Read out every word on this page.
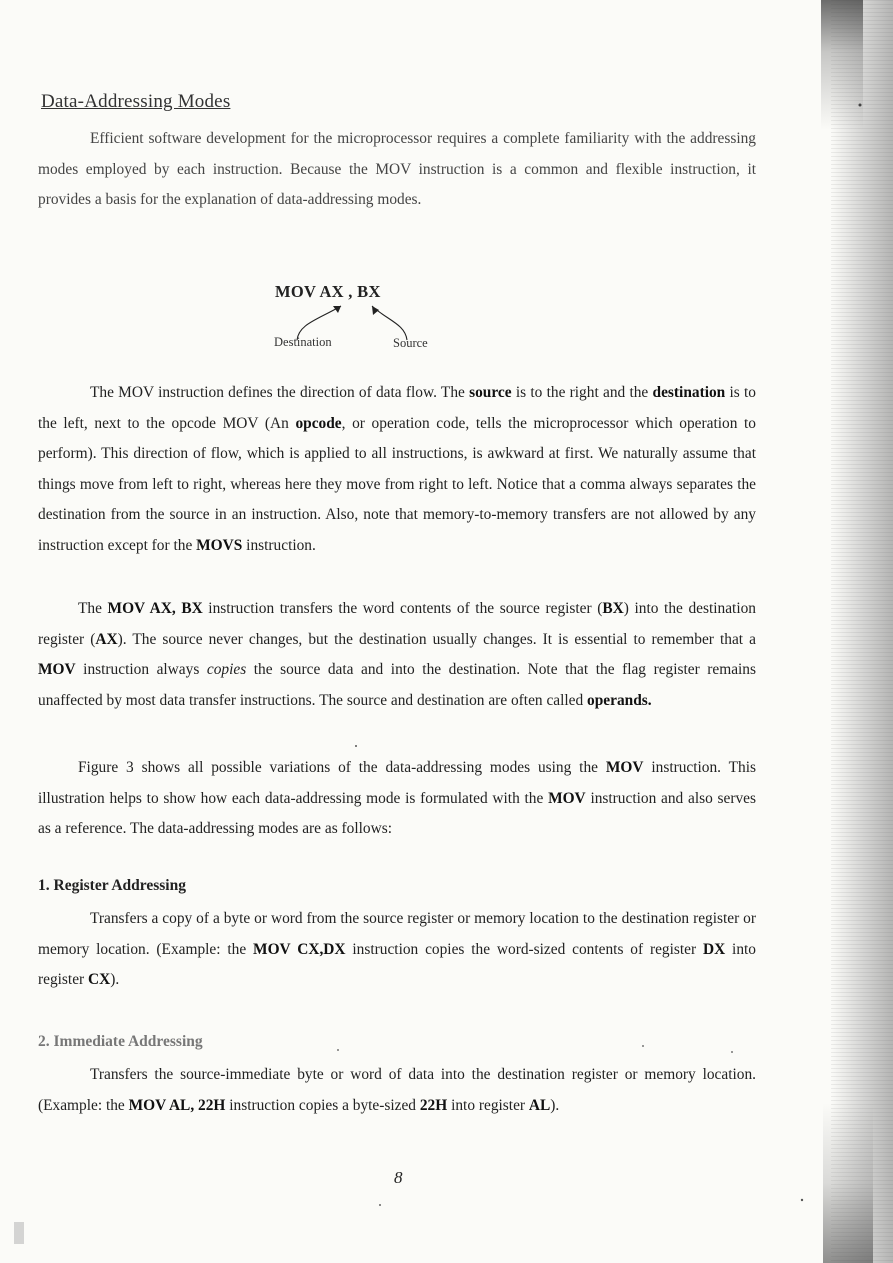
Data-Addressing Modes
Efficient software development for the microprocessor requires a complete familiarity with the addressing modes employed by each instruction. Because the MOV instruction is a common and flexible instruction, it provides a basis for the explanation of data-addressing modes.
MOV AX , BX
Destination	Source
The MOV instruction defines the direction of data flow. The source is to the right and the destination is to the left, next to the opcode MOV (An opcode, or operation code, tells the microprocessor which operation to perform). This direction of flow, which is applied to all instructions, is awkward at first. We naturally assume that things move from left to right, whereas here they move from right to left. Notice that a comma always separates the destination from the source in an instruction. Also, note that memory-to-memory transfers are not allowed by any instruction except for the MOVS instruction.
The MOV AX, BX instruction transfers the word contents of the source register (BX) into the destination register (AX). The source never changes, but the destination usually changes. It is essential to remember that a MOV instruction always copies the source data and into the destination. Note that the flag register remains unaffected by most data transfer instructions. The source and destination are often called operands.
Figure 3 shows all possible variations of the data-addressing modes using the MOV instruction. This illustration helps to show how each data-addressing mode is formulated with the MOV instruction and also serves as a reference. The data-addressing modes are as follows:
1. Register Addressing
Transfers a copy of a byte or word from the source register or memory location to the destination register or memory location. (Example: the MOV CX,DX instruction copies the word-sized contents of register DX into register CX).
2. Immediate Addressing
Transfers the source-immediate byte or word of data into the destination register or memory location. (Example: the MOV AL, 22H instruction copies a byte-sized 22H into register AL).
8
